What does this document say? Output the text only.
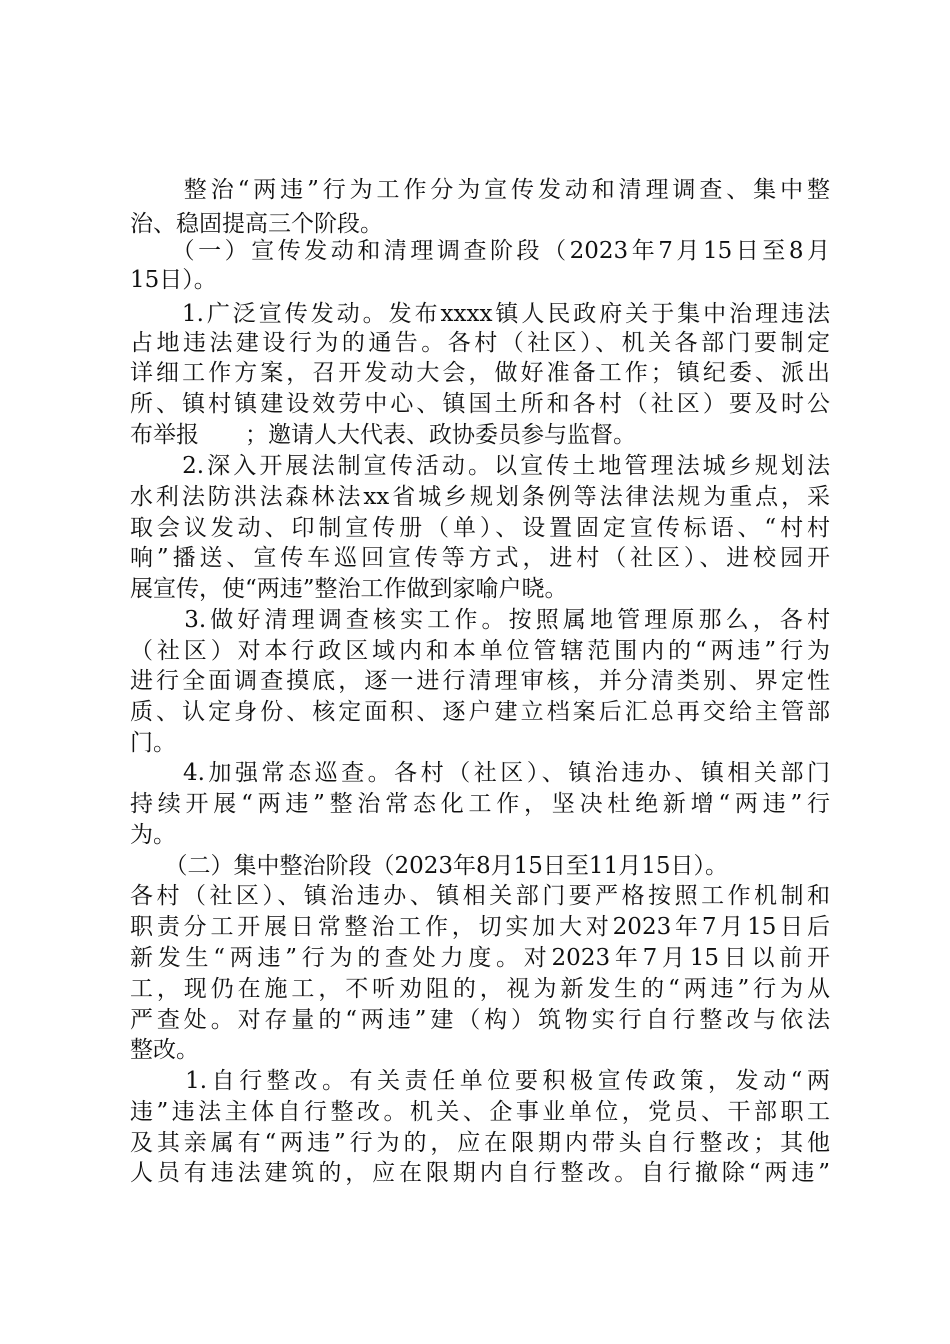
　　整治“两违”行为工作分为宣传发动和清理调查、集中整
治、稳固提高三个阶段。
　　（一）宣传发动和清理调查阶段（2023年7月15日至8月
15日）。
　　1.广泛宣传发动。发布xxxx镇人民政府关于集中治理违法
占地违法建设行为的通告。各村（社区）、机关各部门要制定
详细工作方案，召开发动大会，做好准备工作；镇纪委、派出
所、镇村镇建设效劳中心、镇国土所和各村（社区）要及时公
布举报　　；邀请人大代表、政协委员参与监督。
　　2.深入开展法制宣传活动。以宣传土地管理法城乡规划法
水利法防洪法森林法xx省城乡规划条例等法律法规为重点，采
取会议发动、印制宣传册（单）、设置固定宣传标语、“村村
响”播送、宣传车巡回宣传等方式，进村（社区）、进校园开
展宣传，使“两违”整治工作做到家喻户晓。
　　3.做好清理调查核实工作。按照属地管理原那么，各村
（社区）对本行政区域内和本单位管辖范围内的“两违”行为
进行全面调查摸底，逐一进行清理审核，并分清类别、界定性
质、认定身份、核定面积、逐户建立档案后汇总再交给主管部
门。
　　4.加强常态巡查。各村（社区）、镇治违办、镇相关部门
持续开展“两违”整治常态化工作，坚决杜绝新增“两违”行
为。
　　（二）集中整治阶段（2023年8月15日至11月15日）。
各村（社区）、镇治违办、镇相关部门要严格按照工作机制和
职责分工开展日常整治工作，切实加大对2023年7月15日后
新发生“两违”行为的查处力度。对2023年7月15日以前开
工，现仍在施工，不听劝阻的，视为新发生的“两违”行为从
严查处。对存量的“两违”建（构）筑物实行自行整改与依法
整改。
　　1.自行整改。有关责任单位要积极宣传政策，发动“两
违”违法主体自行整改。机关、企事业单位，党员、干部职工
及其亲属有“两违”行为的，应在限期内带头自行整改；其他
人员有违法建筑的，应在限期内自行整改。自行撤除“两违”
